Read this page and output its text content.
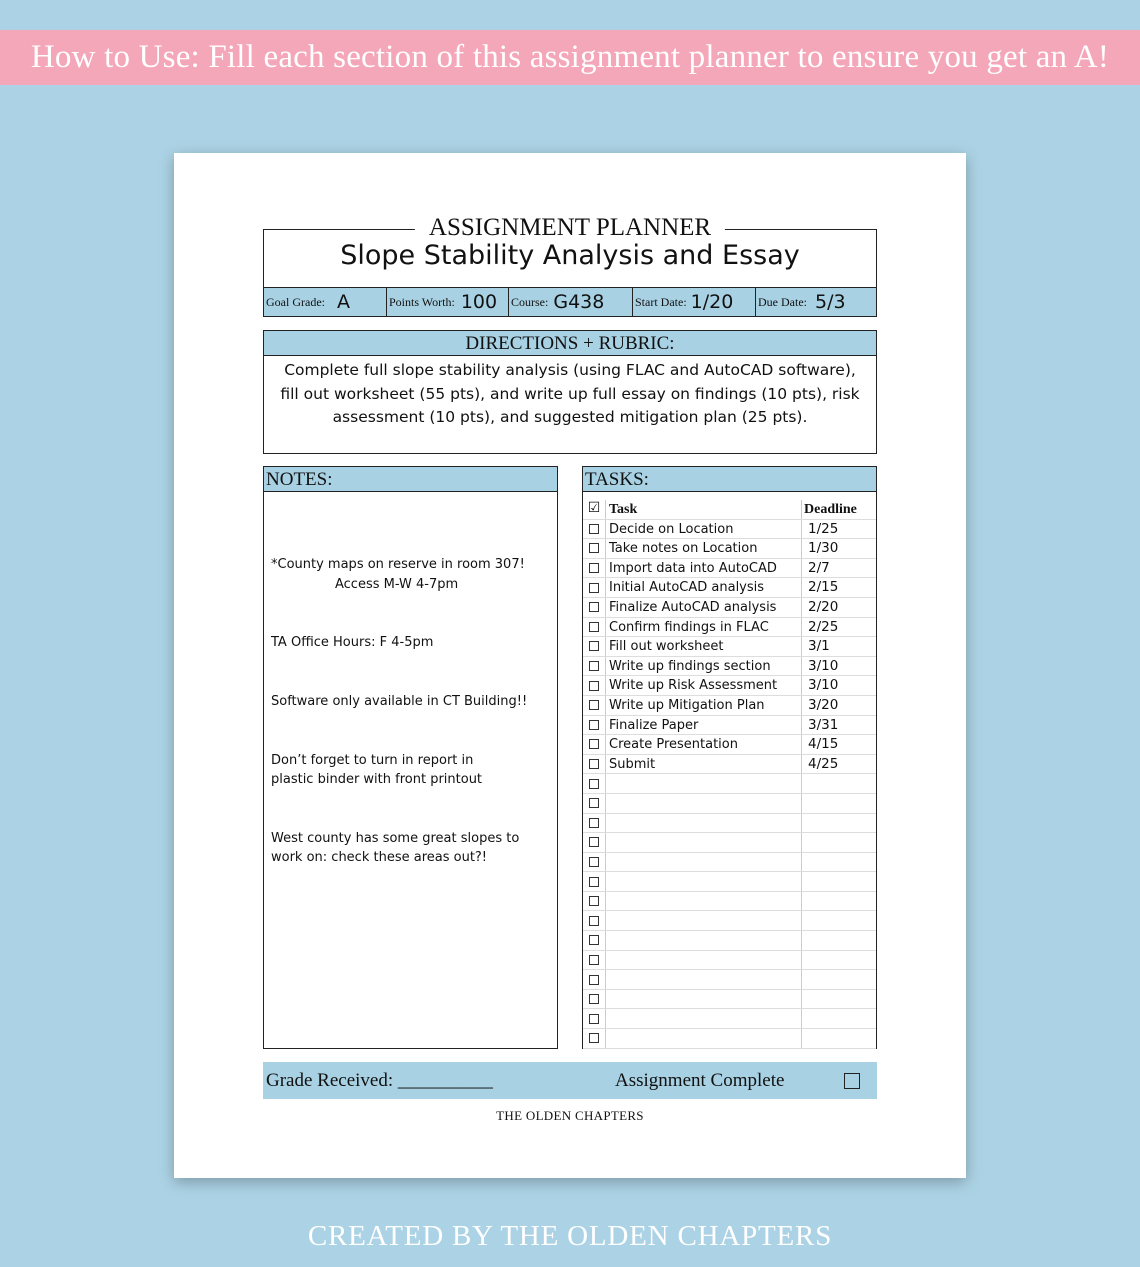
How to Use: Fill each section of this assignment planner to ensure you get an A!
ASSIGNMENT PLANNER
Slope Stability Analysis and Essay
Goal Grade: A	Points Worth: 100 Course: G438	Start Date: 1/20 Due Date: 5/3
DIRECTIONS + RUBRIC:
Complete full slope stability analysis (using FLAC and AutoCAD software), fill out worksheet (55 pts), and write up full essay on findings (10 pts), risk assessment (10 pts), and suggested mitigation plan (25 pts).
NOTES:
*County maps on reserve in room 307!
Access M-W 4-7pm
TA Office Hours: F 4-5pm
Software only available in CT Building!!
Don’t forget to turn in report in
plastic binder with front printout
West county has some great slopes to
work on: check these areas out?!
TASKS:
☑ Task	Deadline
Decide on Location	1/25
Take notes on Location	1/30
Import data into AutoCAD	2/7
Initial AutoCAD analysis	2/15
Finalize AutoCAD analysis	2/20
Confirm findings in FLAC	2/25
Fill out worksheet	3/1
Write up findings section	3/10
Write up Risk Assessment	3/10
Write up Mitigation Plan	3/20
Finalize Paper	3/31
Create Presentation	4/15
Submit	4/25
Grade Received: __________	Assignment Complete
THE OLDEN CHAPTERS
CREATED BY THE OLDEN CHAPTERS
